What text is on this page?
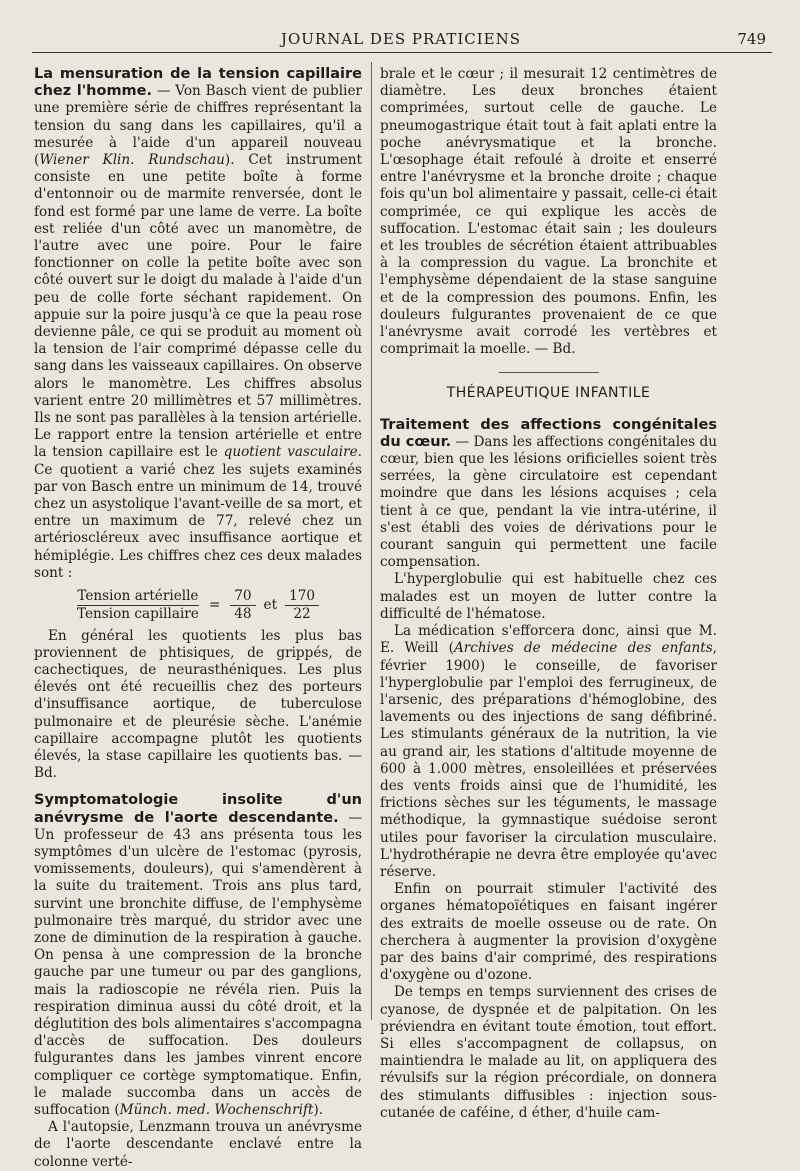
JOURNAL DES PRATICIENS	749

La mensuration de la tension capillaire chez l'homme. — Von Basch vient de publier une première série de chiffres représentant la tension du sang dans les capillaires, qu'il a mesurée à l'aide d'un appareil nouveau (Wiener Klin. Rundschau). Cet instrument consiste en une petite boîte à forme d'entonnoir ou de marmite renversée, dont le fond est formé par une lame de verre. La boîte est reliée d'un côté avec un manomètre, de l'autre avec une poire. Pour le faire fonctionner on colle la petite boîte avec son côté ouvert sur le doigt du malade à l'aide d'un peu de colle forte séchant rapidement. On appuie sur la poire jusqu'à ce que la peau rose devienne pâle, ce qui se produit au moment où la tension de l'air comprimé dépasse celle du sang dans les vaisseaux capillaires. On observe alors le manomètre. Les chiffres absolus varient entre 20 millimètres et 57 millimètres. Ils ne sont pas parallèles à la tension artérielle. Le rapport entre la tension artérielle et entre la tension capillaire est le quotient vasculaire. Ce quotient a varié chez les sujets examinés par von Basch entre un minimum de 14, trouvé chez un asystolique l'avant-veille de sa mort, et entre un maximum de 77, relevé chez un artérioscléreux avec insuffisance aortique et hémiplégie. Les chiffres chez ces deux malades sont :

Tension artérielle
Tension capillaire
= $\frac{70}{48}$ et $\frac{170}{22}$

En général les quotients les plus bas proviennent de phtisiques, de grippés, de cachectiques, de neurasthéniques. Les plus élevés ont été recueillis chez des porteurs d'insuffisance aortique, de tuberculose pulmonaire et de pleurésie sèche. L'anémie capillaire accompagne plutôt les quotients élevés, la stase capillaire les quotients bas. — Bd.

Symptomatologie insolite d'un anévrysme de l'aorte descendante. — Un professeur de 43 ans présenta tous les symptômes d'un ulcère de l'estomac (pyrosis, vomissements, douleurs), qui s'amendèrent à la suite du traitement. Trois ans plus tard, survint une bronchite diffuse, de l'emphysème pulmonaire très marqué, du stridor avec une zone de diminution de la respiration à gauche. On pensa à une compression de la bronche gauche par une tumeur ou par des ganglions, mais la radioscopie ne révéla rien. Puis la respiration diminua aussi du côté droit, et la déglutition des bols alimentaires s'accompagna d'accès de suffocation. Des douleurs fulgurantes dans les jambes vinrent encore compliquer ce cortège symptomatique. Enfin, le malade succomba dans un accès de suffocation (Münch. med. Wochenschrift).

A l'autopsie, Lenzmann trouva un anévrysme de l'aorte descendante enclavé entre la colonne verté-

brale et le cœur ; il mesurait 12 centimètres de diamètre. Les deux bronches étaient comprimées, surtout celle de gauche. Le pneumogastrique était tout à fait aplati entre la poche anévrysmatique et la bronche. L'œsophage était refoulé à droite et enserré entre l'anévrysme et la bronche droite ; chaque fois qu'un bol alimentaire y passait, celle-ci était comprimée, ce qui explique les accès de suffocation. L'estomac était sain ; les douleurs et les troubles de sécrétion étaient attribuables à la compression du vague. La bronchite et l'emphysème dépendaient de la stase sanguine et de la compression des poumons. Enfin, les douleurs fulgurantes provenaient de ce que l'anévrysme avait corrodé les vertèbres et comprimait la moelle. — Bd.

THÉRAPEUTIQUE INFANTILE

Traitement des affections congénitales du cœur. — Dans les affections congénitales du cœur, bien que les lésions orificielles soient très serrées, la gène circulatoire est cependant moindre que dans les lésions acquises ; cela tient à ce que, pendant la vie intra-utérine, il s'est établi des voies de dérivations pour le courant sanguin qui permettent une facile compensation.

L'hyperglobulie qui est habituelle chez ces malades est un moyen de lutter contre la difficulté de l'hématose.

La médication s'efforcera donc, ainsi que M. E. Weill (Archives de médecine des enfants, février 1900) le conseille, de favoriser l'hyperglobulie par l'emploi des ferrugineux, de l'arsenic, des préparations d'hémoglobine, des lavements ou des injections de sang défibriné. Les stimulants généraux de la nutrition, la vie au grand air, les stations d'altitude moyenne de 600 à 1.000 mètres, ensoleillées et préservées des vents froids ainsi que de l'humidité, les frictions sèches sur les téguments, le massage méthodique, la gymnastique suédoise seront utiles pour favoriser la circulation musculaire. L'hydrothérapie ne devra être employée qu'avec réserve.

Enfin on pourrait stimuler l'activité des organes hématopoïétiques en faisant ingérer des extraits de moelle osseuse ou de rate. On cherchera à augmenter la provision d'oxygène par des bains d'air comprimé, des respirations d'oxygène ou d'ozone.

De temps en temps surviennent des crises de cyanose, de dyspnée et de palpitation. On les préviendra en évitant toute émotion, tout effort. Si elles s'accompagnent de collapsus, on maintiendra le malade au lit, on appliquera des révulsifs sur la région précordiale, on donnera des stimulants diffusibles : injection sous-cutanée de caféine, d éther, d'huile cam-
